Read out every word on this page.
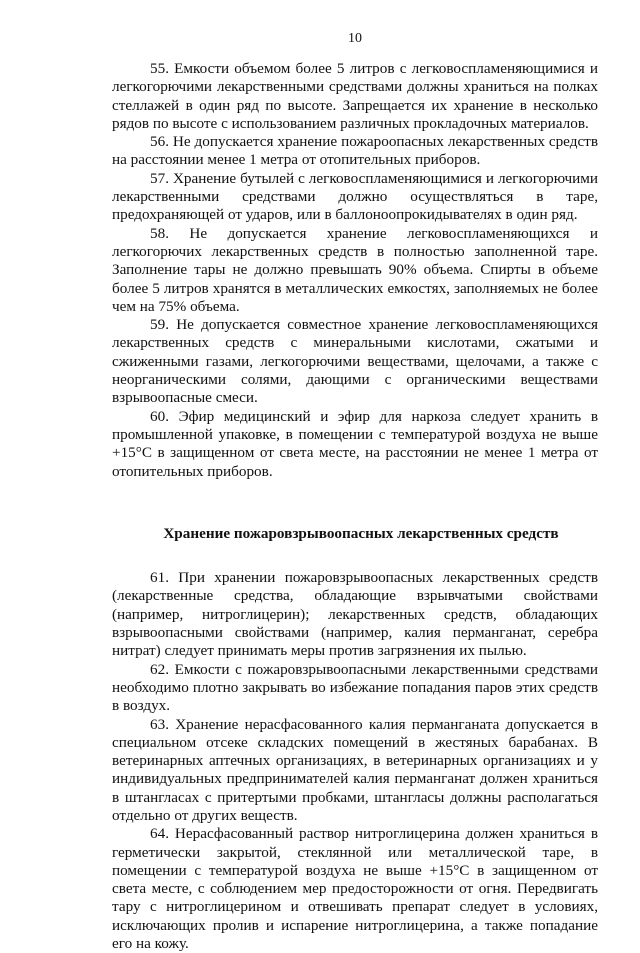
10

55. Емкости объемом более 5 литров с легковоспламеняющимися и легкогорючими лекарственными средствами должны храниться на полках стеллажей в один ряд по высоте. Запрещается их хранение в несколько рядов по высоте с использованием различных прокладочных материалов.

56. Не допускается хранение пожароопасных лекарственных средств на расстоянии менее 1 метра от отопительных приборов.

57. Хранение бутылей с легковоспламеняющимися и легкогорючими лекарственными средствами должно осуществляться в таре, предохраняющей от ударов, или в баллоноопрокидывателях в один ряд.

58. Не допускается хранение легковоспламеняющихся и легкогорючих лекарственных средств в полностью заполненной таре. Заполнение тары не должно превышать 90% объема. Спирты в объеме более 5 литров хранятся в металлических емкостях, заполняемых не более чем на 75% объема.

59. Не допускается совместное хранение легковоспламеняющихся лекарственных средств с минеральными кислотами, сжатыми и сжиженными газами, легкогорючими веществами, щелочами, а также с неорганическими солями, дающими с органическими веществами взрывоопасные смеси.

60. Эфир медицинский и эфир для наркоза следует хранить в промышленной упаковке, в помещении с температурой воздуха не выше +15°C в защищенном от света месте, на расстоянии не менее 1 метра от отопительных приборов.

Хранение пожаровзрывоопасных лекарственных средств

61. При хранении пожаровзрывоопасных лекарственных средств (лекарственные средства, обладающие взрывчатыми свойствами (например, нитроглицерин); лекарственных средств, обладающих взрывоопасными свойствами (например, калия перманганат, серебра нитрат) следует принимать меры против загрязнения их пылью.

62. Емкости с пожаровзрывоопасными лекарственными средствами необходимо плотно закрывать во избежание попадания паров этих средств в воздух.

63. Хранение нерасфасованного калия перманганата допускается в специальном отсеке складских помещений в жестяных барабанах. В ветеринарных аптечных организациях, в ветеринарных организациях и у индивидуальных предпринимателей калия перманганат должен храниться в штангласах с притертыми пробками, штангласы должны располагаться отдельно от других веществ.

64. Нерасфасованный раствор нитроглицерина должен храниться в герметически закрытой, стеклянной или металлической таре, в помещении с температурой воздуха не выше +15°C в защищенном от света месте, с соблюдением мер предосторожности от огня. Передвигать тару с нитроглицерином и отвешивать препарат следует в условиях, исключающих пролив и испарение нитроглицерина, а также попадание его на кожу.
